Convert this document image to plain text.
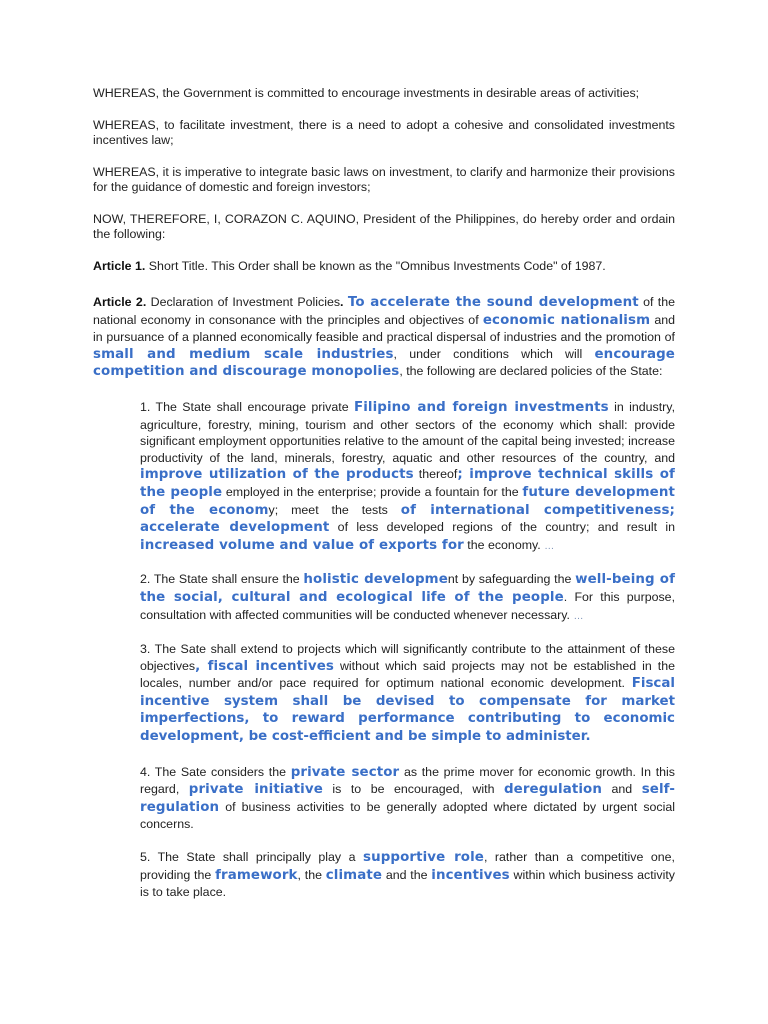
WHEREAS, the Government is committed to encourage investments in desirable areas of activities;

WHEREAS, to facilitate investment, there is a need to adopt a cohesive and consolidated investments incentives law;

WHEREAS, it is imperative to integrate basic laws on investment, to clarify and harmonize their provisions for the guidance of domestic and foreign investors;

NOW, THEREFORE, I, CORAZON C. AQUINO, President of the Philippines, do hereby order and ordain the following:

Article 1. Short Title. This Order shall be known as the "Omnibus Investments Code" of 1987.

Article 2. Declaration of Investment Policies. To accelerate the sound development of the national economy in consonance with the principles and objectives of economic nationalism and in pursuance of a planned economically feasible and practical dispersal of industries and the promotion of small and medium scale industries, under conditions which will encourage competition and discourage monopolies, the following are declared policies of the State:

1. The State shall encourage private Filipino and foreign investments in industry, agriculture, forestry, mining, tourism and other sectors of the economy which shall: provide significant employment opportunities relative to the amount of the capital being invested; increase productivity of the land, minerals, forestry, aquatic and other resources of the country, and improve utilization of the products thereof; improve technical skills of the people employed in the enterprise; provide a fountain for the future development of the economy; meet the tests of international competitiveness; accelerate development of less developed regions of the country; and result in increased volume and value of exports for the economy. …

2. The State shall ensure the holistic development by safeguarding the well-being of the social, cultural and ecological life of the people. For this purpose, consultation with affected communities will be conducted whenever necessary. …

3. The Sate shall extend to projects which will significantly contribute to the attainment of these objectives, fiscal incentives without which said projects may not be established in the locales, number and/or pace required for optimum national economic development. Fiscal incentive system shall be devised to compensate for market imperfections, to reward performance contributing to economic development, be cost-efficient and be simple to administer.

4. The Sate considers the private sector as the prime mover for economic growth. In this regard, private initiative is to be encouraged, with deregulation and self-regulation of business activities to be generally adopted where dictated by urgent social concerns.

5. The State shall principally play a supportive role, rather than a competitive one, providing the framework, the climate and the incentives within which business activity is to take place.
